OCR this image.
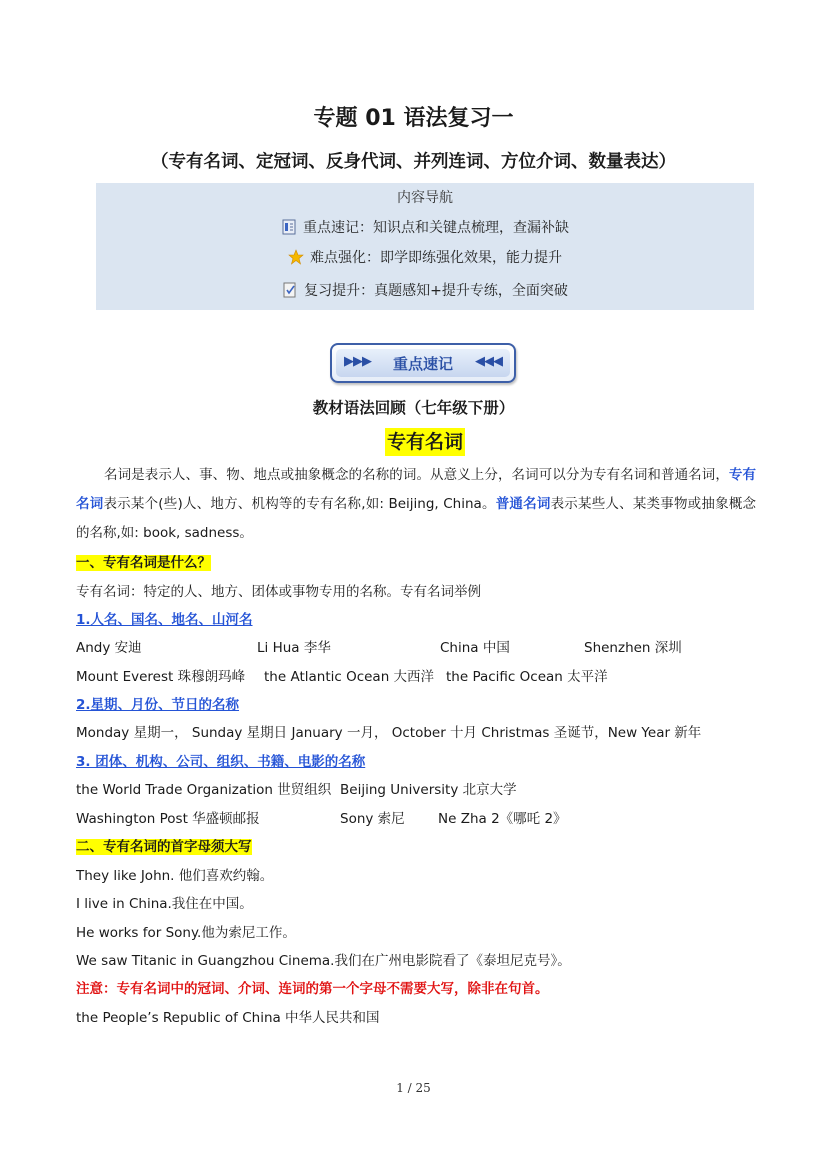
专题 01 语法复习一
（专有名词、定冠词、反身代词、并列连词、方位介词、数量表达）
内容导航
重点速记：知识点和关键点梳理，查漏补缺
难点强化：即学即练强化效果，能力提升
复习提升：真题感知+提升专练，全面突破
▶▶▶	重点速记	◀◀◀
教材语法回顾（七年级下册）
专有名词
名词是表示人、事、物、地点或抽象概念的名称的词。从意义上分，名词可以分为专有名词和普通名词，专有名词表示某个(些)人、地方、机构等的专有名称,如: Beijing, China。普通名词表示某些人、某类事物或抽象概念的名称,如: book, sadness。
一、专有名词是什么？
专有名词：特定的人、地方、团体或事物专用的名称。专有名词举例
1.人名、国名、地名、山河名
Andy 安迪	Li Hua 李华	China 中国	Shenzhen 深圳
Mount Everest 珠穆朗玛峰 the Atlantic Ocean 大西洋 the Pacific Ocean 太平洋
2.星期、月份、节日的名称
Monday 星期一， Sunday 星期日 January 一月， October 十月 Christmas 圣诞节，New Year 新年
3. 团体、机构、公司、组织、书籍、电影的名称
the World Trade Organization 世贸组织 Beijing University 北京大学
Washington Post 华盛顿邮报	Sony 索尼 Ne Zha 2《哪吒 2》
二、专有名词的首字母须大写
They like John. 他们喜欢约翰。
I live in China.我住在中国。
He works for Sony.他为索尼工作。
We saw Titanic in Guangzhou Cinema.我们在广州电影院看了《泰坦尼克号》。
注意：专有名词中的冠词、介词、连词的第一个字母不需要大写，除非在句首。
the People’s Republic of China 中华人民共和国
1 / 25
